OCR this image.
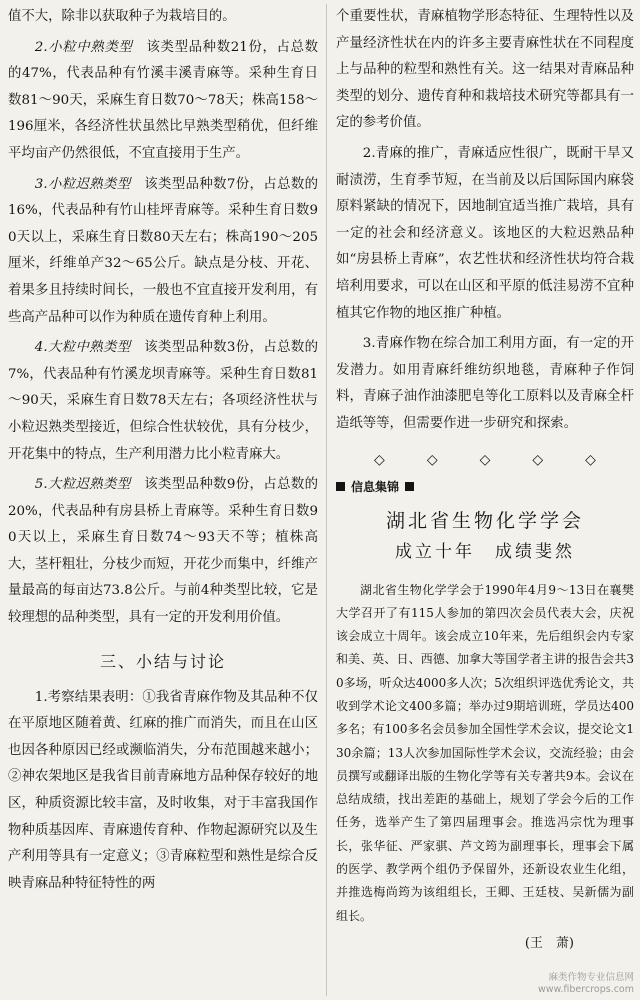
值不大，除非以获取种子为栽培目的。

2.小粒中熟类型　 该类型品种数21份，占总数的47%，代表品种有竹溪丰溪青麻等。采种生育日数81～90天，采麻生育日数70～78天；株高158～196厘米，各经济性状虽然比早熟类型稍优，但纤维平均亩产仍然很低，不宜直接用于生产。

3.小粒迟熟类型　 该类型品种数7份，占总数的16%，代表品种有竹山桂坪青麻等。采种生育日数90天以上，采麻生育日数80天左右；株高190～205厘米，纤维单产32～65公斤。缺点是分枝、开花、着果多且持续时间长，一般也不宜直接开发利用，有些高产品种可以作为种质在遗传育种上利用。

4.大粒中熟类型　 该类型品种数3份，占总数的7%，代表品种有竹溪龙坝青麻等。采种生育日数81～90天，采麻生育日数78天左右；各项经济性状与小粒迟熟类型接近，但综合性状较优，具有分枝少，开花集中的特点，生产利用潜力比小粒青麻大。

5.大粒迟熟类型　 该类型品种数9份，占总数的20%，代表品种有房县桥上青麻等。采种生育日数90天以上，采麻生育日数74～93天不等；植株高大，茎杆粗壮，分枝少而短，开花少而集中，纤维产量最高的每亩达73.8公斤。与前4种类型比较，它是较理想的品种类型，具有一定的开发利用价值。

三、小结与讨论

1.考察结果表明：①我省青麻作物及其品种不仅在平原地区随着黄、红麻的推广而消失，而且在山区也因各种原因已经或濒临消失，分布范围越来越小；②神农架地区是我省目前青麻地方品种保存较好的地区，种质资源比较丰富，及时收集，对于丰富我国作物种质基因库、青麻遗传育种、作物起源研究以及生产利用等具有一定意义；③青麻粒型和熟性是综合反映青麻品种特征特性的两

个重要性状，青麻植物学形态特征、生理特性以及产量经济性状在内的许多主要青麻性状在不同程度上与品种的粒型和熟性有关。这一结果对青麻品种类型的划分、遗传育种和栽培技术研究等都具有一定的参考价值。

2.青麻的推广，青麻适应性很广，既耐干旱又耐渍涝，生育季节短，在当前及以后国际国内麻袋原料紧缺的情况下，因地制宜适当推广栽培，具有一定的社会和经济意义。该地区的大粒迟熟品种如“房县桥上青麻”，农艺性状和经济性状均符合栽培利用要求，可以在山区和平原的低洼易涝不宜种植其它作物的地区推广种植。

3.青麻作物在综合加工利用方面，有一定的开发潜力。如用青麻纤维纺织地毯，青麻种子作饲料，青麻子油作油漆肥皂等化工原料以及青麻全杆造纸等等，但需要作进一步研究和探索。

◇	◇	◇	◇	◇
信息集锦
湖北省生物化学学会
成立十年　成绩斐然

湖北省生物化学学会于1990年4月9～13日在襄樊大学召开了有115人参加的第四次会员代表大会，庆祝该会成立十周年。该会成立10年来，先后组织会内专家和美、英、日、西德、加拿大等国学者主讲的报告会共30多场，听众达4000多人次；5次组织评选优秀论文，共收到学术论文400多篇；举办过9期培训班，学员达400多名；有100多名会员参加全国性学术会议，提交论文130余篇；13人次参加国际性学术会议，交流经验；由会员撰写或翻译出版的生物化学等有关专著共9本。会议在总结成绩，找出差距的基础上，规划了学会今后的工作任务，选举产生了第四届理事会。推选冯宗忱为理事长，张华征、严家骐、芦文筠为副理事长，理事会下属的医学、教学两个组仍予保留外，还新设农业生化组，并推选梅尚筠为该组组长，王卿、王廷枝、吴新儒为副组长。

(王　萧)
麻类作物专业信息网
www.fibercrops.com
